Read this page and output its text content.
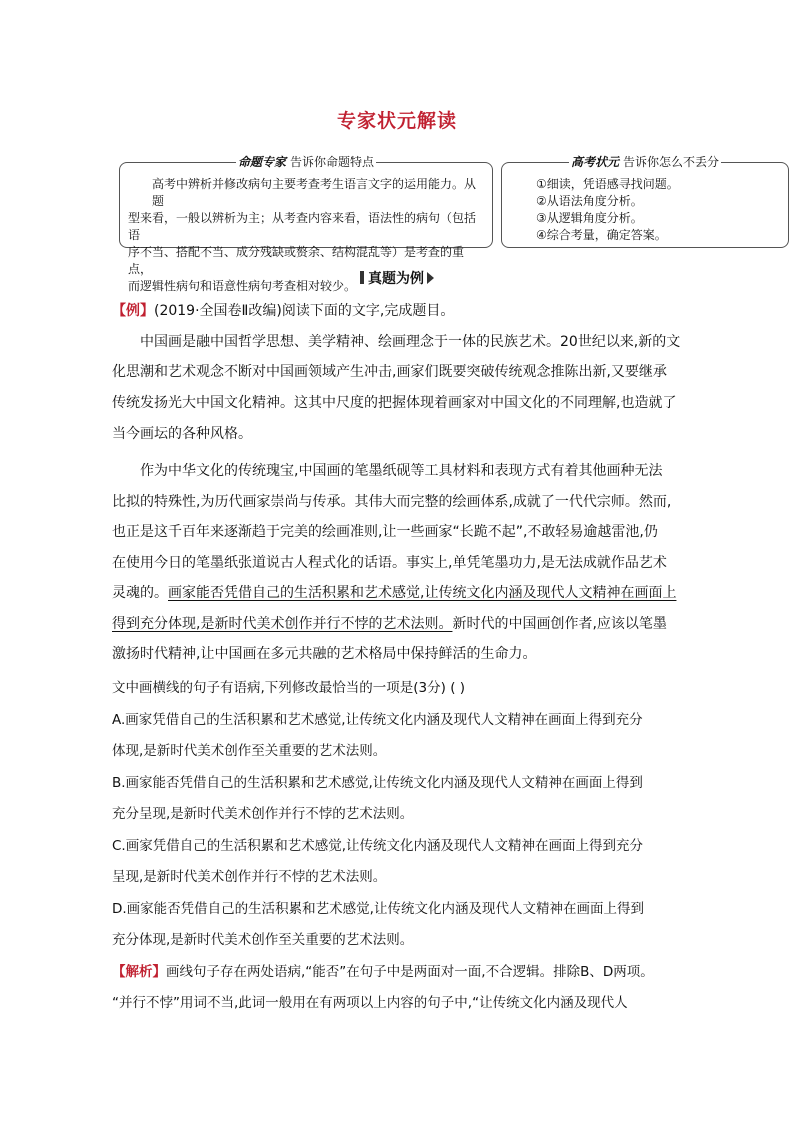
专家状元解读
命题专家 告诉你命题特点

高考中辨析并修改病句主要考查考生语言文字的运用能力。从题

型来看，一般以辨析为主；从考查内容来看，语法性的病句（包括语

序不当、搭配不当、成分残缺或赘余、结构混乱等）是考查的重点，

而逻辑性病句和语意性病句考查相对较少。

高考状元 告诉你怎么不丢分
①细读，凭语感寻找问题。
②从语法角度分析。
③从逻辑角度分析。
④综合考量，确定答案。
真题为例
【例】(2019·全国卷Ⅱ改编)阅读下面的文字,完成题目。
中国画是融中国哲学思想、美学精神、绘画理念于一体的民族艺术。20世纪以来,新的文
化思潮和艺术观念不断对中国画领域产生冲击,画家们既要突破传统观念推陈出新,又要继承
传统发扬光大中国文化精神。这其中尺度的把握体现着画家对中国文化的不同理解,也造就了
当今画坛的各种风格。
作为中华文化的传统瑰宝,中国画的笔墨纸砚等工具材料和表现方式有着其他画种无法
比拟的特殊性,为历代画家崇尚与传承。其伟大而完整的绘画体系,成就了一代代宗师。然而,
也正是这千百年来逐渐趋于完美的绘画准则,让一些画家“长跪不起”,不敢轻易逾越雷池,仍
在使用今日的笔墨纸张道说古人程式化的话语。事实上,单凭笔墨功力,是无法成就作品艺术
灵魂的。画家能否凭借自己的生活积累和艺术感觉,让传统文化内涵及现代人文精神在画面上
得到充分体现,是新时代美术创作并行不悖的艺术法则。新时代的中国画创作者,应该以笔墨
激扬时代精神,让中国画在多元共融的艺术格局中保持鲜活的生命力。
文中画横线的句子有语病,下列修改最恰当的一项是(3分) ( )
A.画家凭借自己的生活积累和艺术感觉,让传统文化内涵及现代人文精神在画面上得到充分
体现,是新时代美术创作至关重要的艺术法则。
B.画家能否凭借自己的生活积累和艺术感觉,让传统文化内涵及现代人文精神在画面上得到
充分呈现,是新时代美术创作并行不悖的艺术法则。
C.画家凭借自己的生活积累和艺术感觉,让传统文化内涵及现代人文精神在画面上得到充分
呈现,是新时代美术创作并行不悖的艺术法则。
D.画家能否凭借自己的生活积累和艺术感觉,让传统文化内涵及现代人文精神在画面上得到
充分体现,是新时代美术创作至关重要的艺术法则。
【解析】画线句子存在两处语病,“能否”在句子中是两面对一面,不合逻辑。排除B、D两项。
“并行不悖”用词不当,此词一般用在有两项以上内容的句子中,“让传统文化内涵及现代人
